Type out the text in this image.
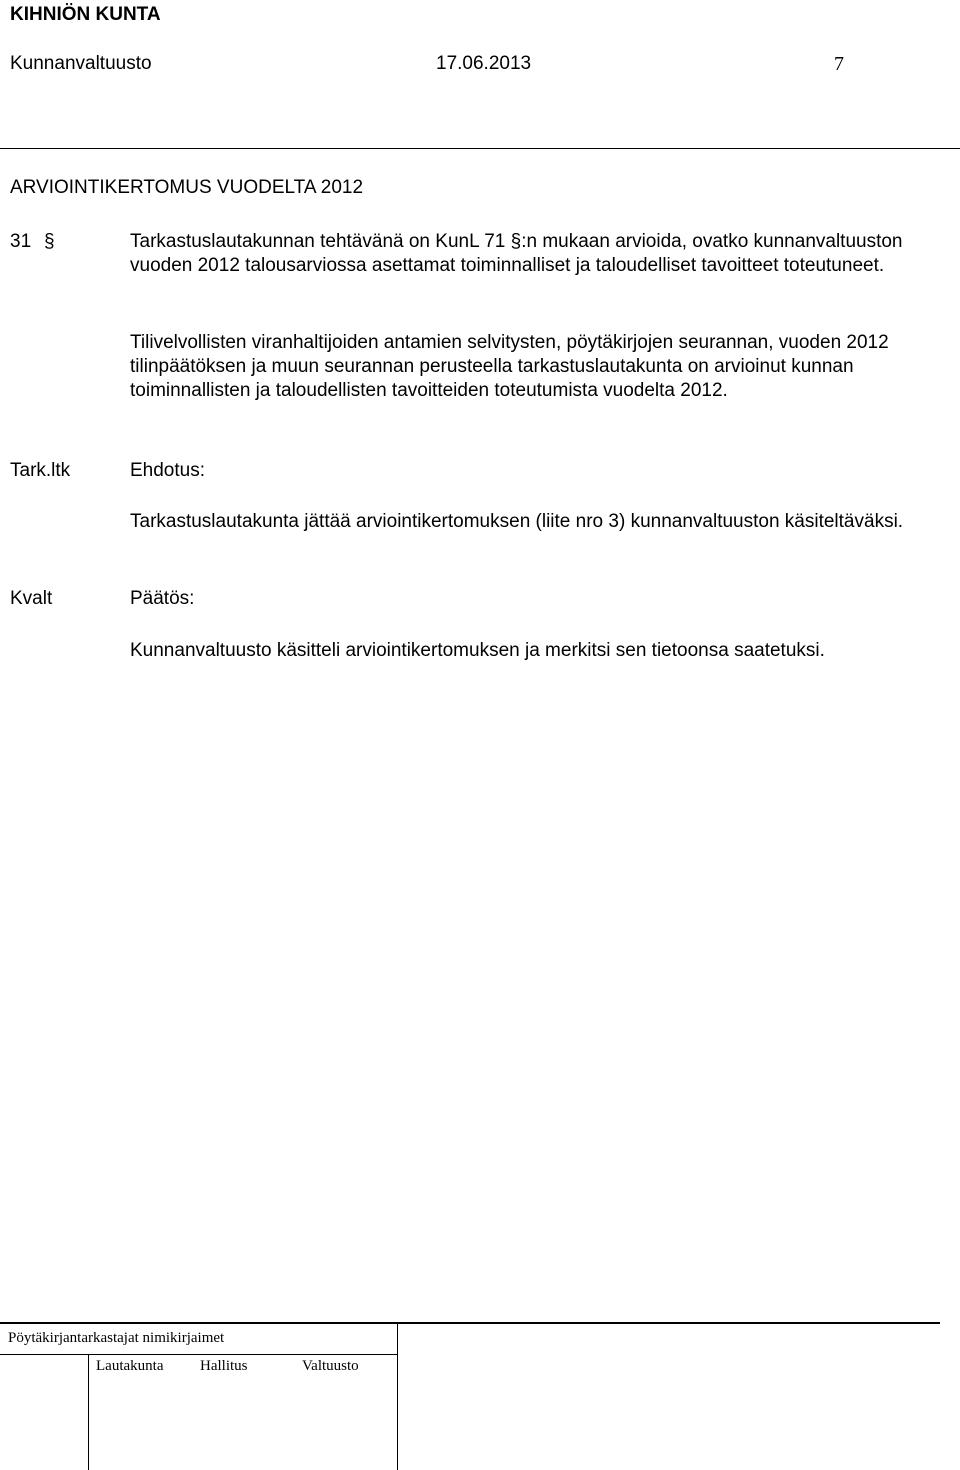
KIHNIÖN KUNTA
Kunnanvaltuusto	17.06.2013	7
ARVIOINTIKERTOMUS VUODELTA 2012
31 §	Tarkastuslautakunnan tehtävänä on KunL 71 §:n mukaan arvioida, ovatko kunnanvaltuuston vuoden 2012 talousarviossa asettamat toiminnalliset ja taloudelliset tavoitteet toteutuneet.
Tilivelvollisten viranhaltijoiden antamien selvitysten, pöytäkirjojen seurannan, vuoden 2012 tilinpäätöksen ja muun seurannan perusteella tarkastuslautakunta on arvioinut kunnan toiminnallisten ja taloudellisten tavoitteiden toteutumista vuodelta 2012.
Tark.ltk	Ehdotus:
Tarkastuslautakunta jättää arviointikertomuksen (liite nro 3) kunnanvaltuuston käsiteltäväksi.
Kvalt	Päätös:
Kunnanvaltuusto käsitteli arviointikertomuksen ja merkitsi sen tietoonsa saatetuksi.
Pöytäkirjantarkastajat nimikirjaimet
Lautakunta Hallitus	Valtuusto
